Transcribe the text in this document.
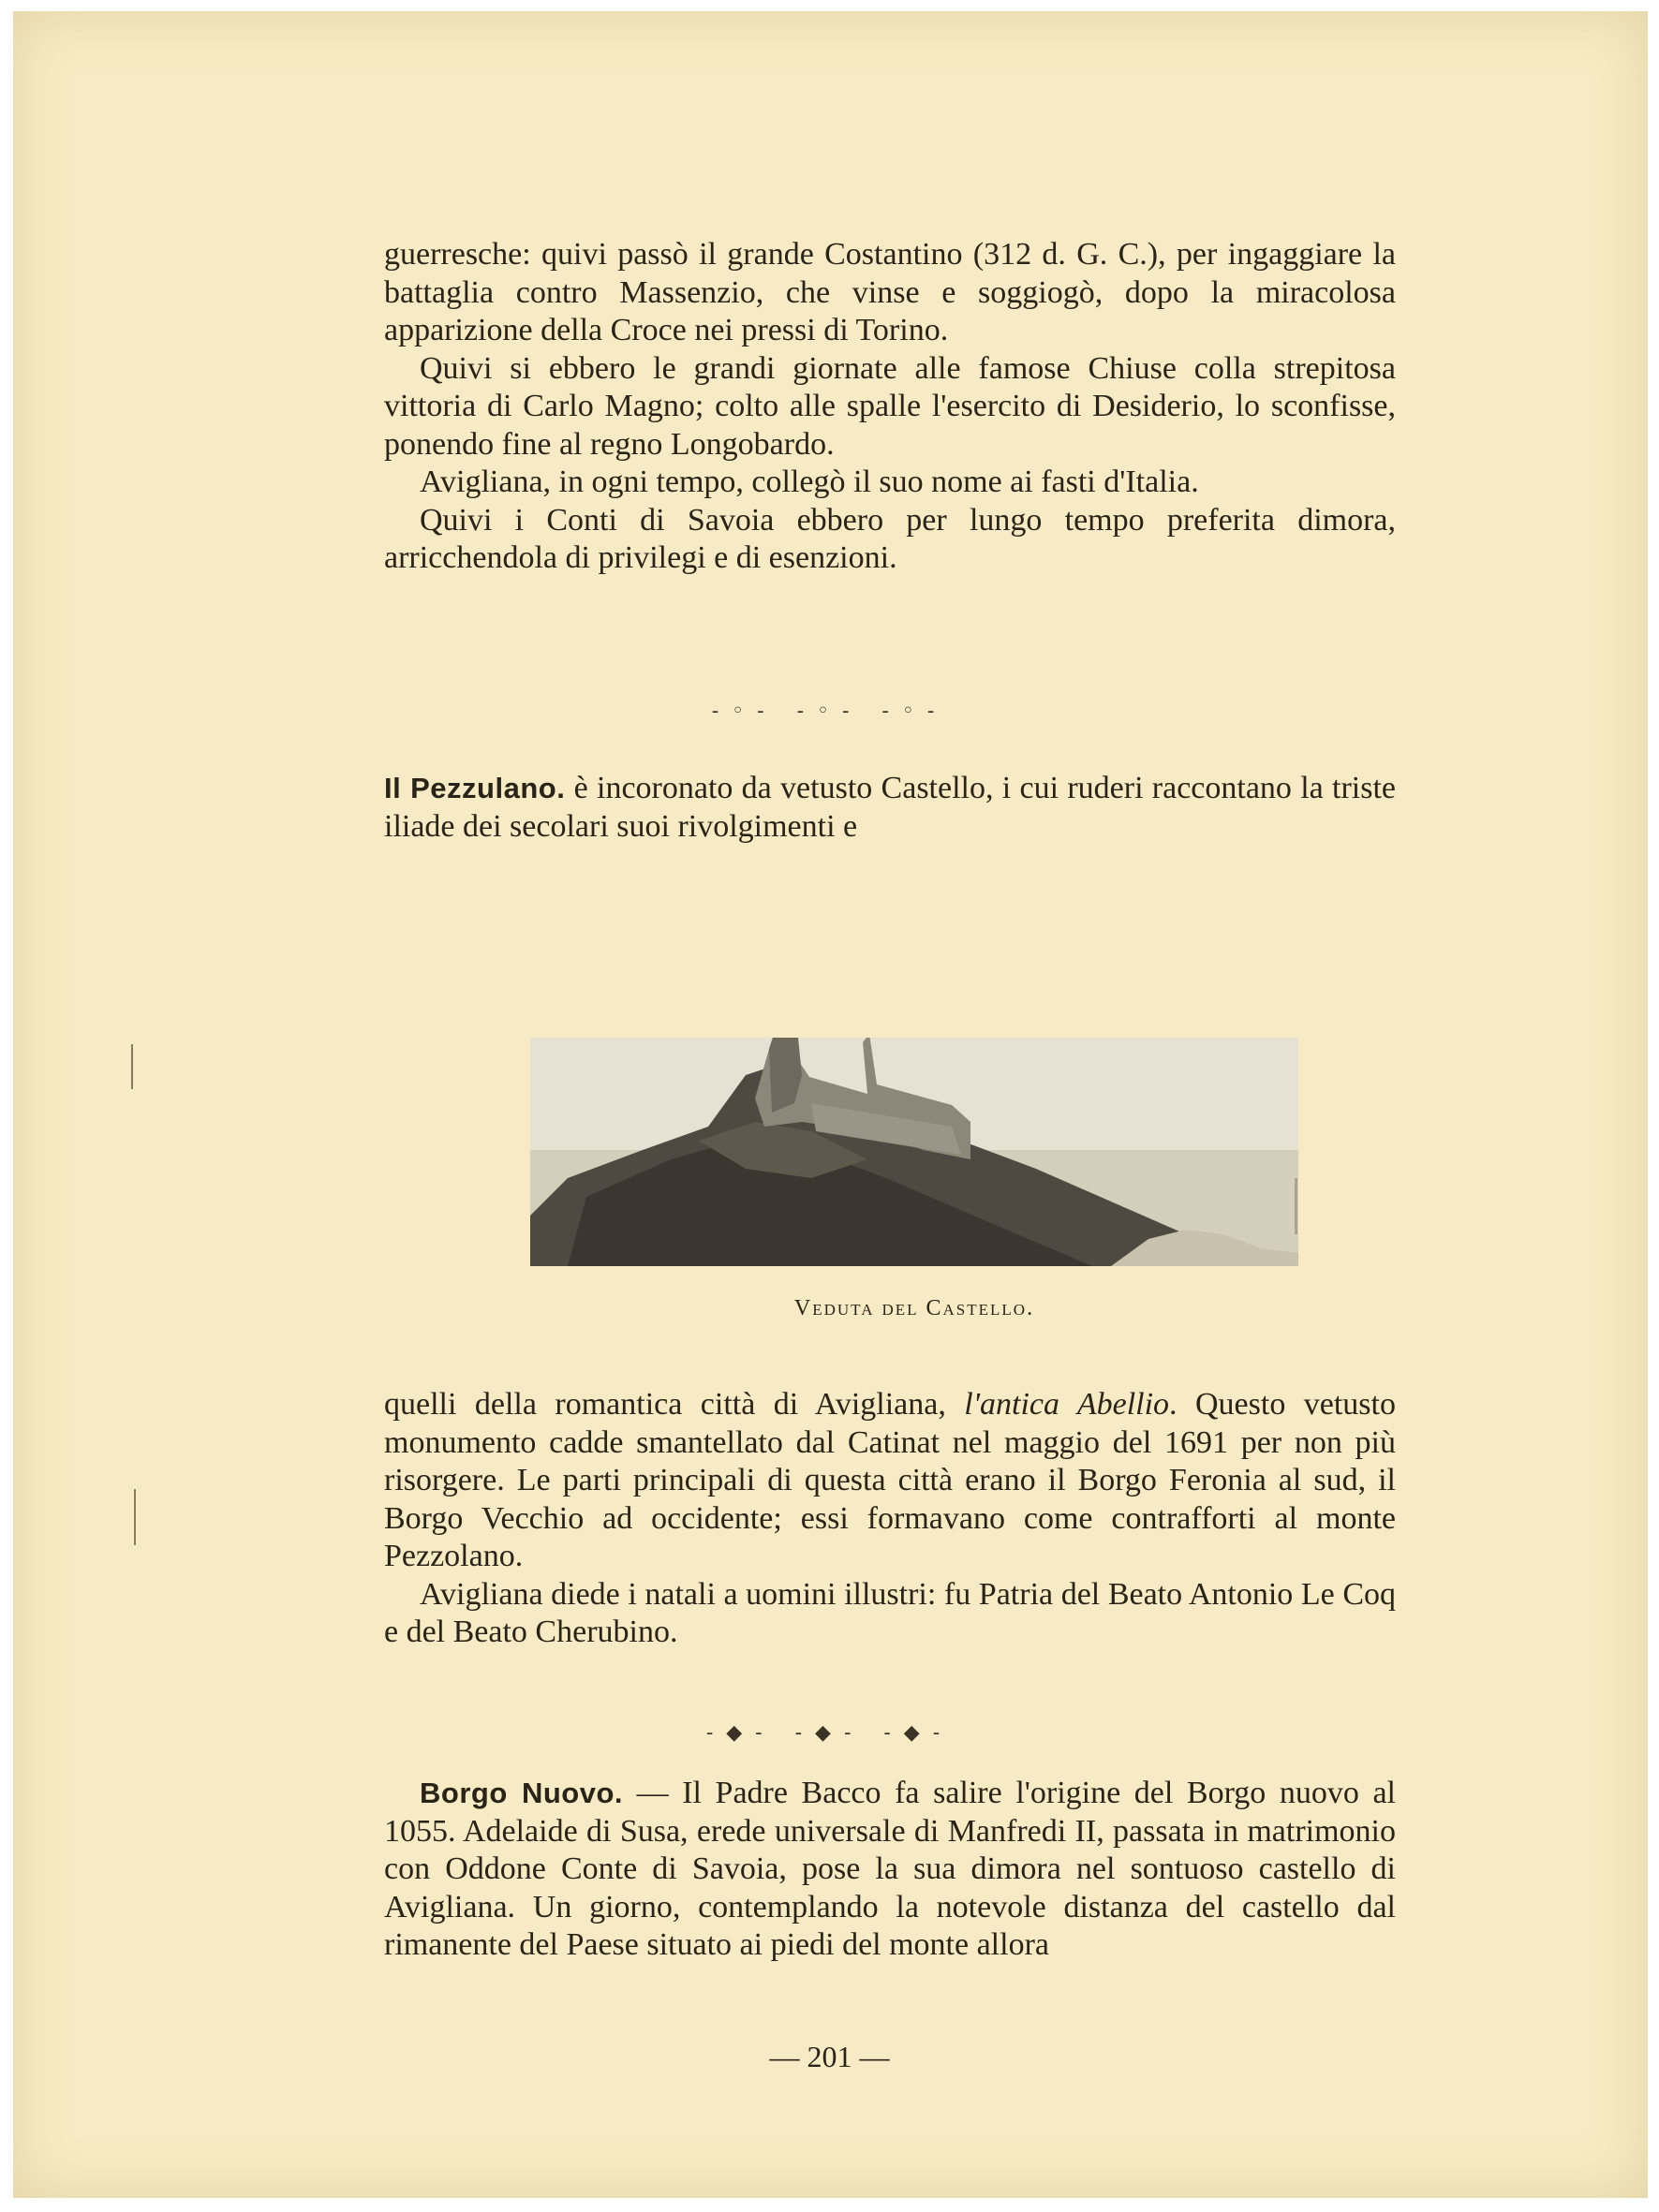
guerresche: quivi passò il grande Costantino (312 d. G. C.), per ingaggiare la battaglia contro Massenzio, che vinse e soggiogò, dopo la miracolosa apparizione della Croce nei pressi di Torino.

Quivi si ebbero le grandi giornate alle famose Chiuse colla strepitosa vittoria di Carlo Magno; colto alle spalle l'esercito di Desiderio, lo sconfisse, ponendo fine al regno Longobardo.

Avigliana, in ogni tempo, collegò il suo nome ai fasti d'Italia.

Quivi i Conti di Savoia ebbero per lungo tempo preferita dimora, arricchendola di privilegi e di esenzioni.

-◦- -◦- -◦-

Il Pezzulano. è incoronato da vetusto Castello, i cui ruderi raccontano la triste iliade dei secolari suoi rivolgimenti e

Veduta del Castello.

quelli della romantica città di Avigliana, l'antica Abellio. Questo vetusto monumento cadde smantellato dal Catinat nel maggio del 1691 per non più risorgere. Le parti principali di questa città erano il Borgo Feronia al sud, il Borgo Vecchio ad occidente; essi formavano come contrafforti al monte Pezzolano.

Avigliana diede i natali a uomini illustri: fu Patria del Beato Antonio Le Coq e del Beato Cherubino.

-◆- -◆- -◆-

Borgo Nuovo. — Il Padre Bacco fa salire l'origine del Borgo nuovo al 1055. Adelaide di Susa, erede universale di Manfredi II, passata in matrimonio con Oddone Conte di Savoia, pose la sua dimora nel sontuoso castello di Avigliana. Un giorno, contemplando la notevole distanza del castello dal rimanente del Paese situato ai piedi del monte allora

— 201 —
